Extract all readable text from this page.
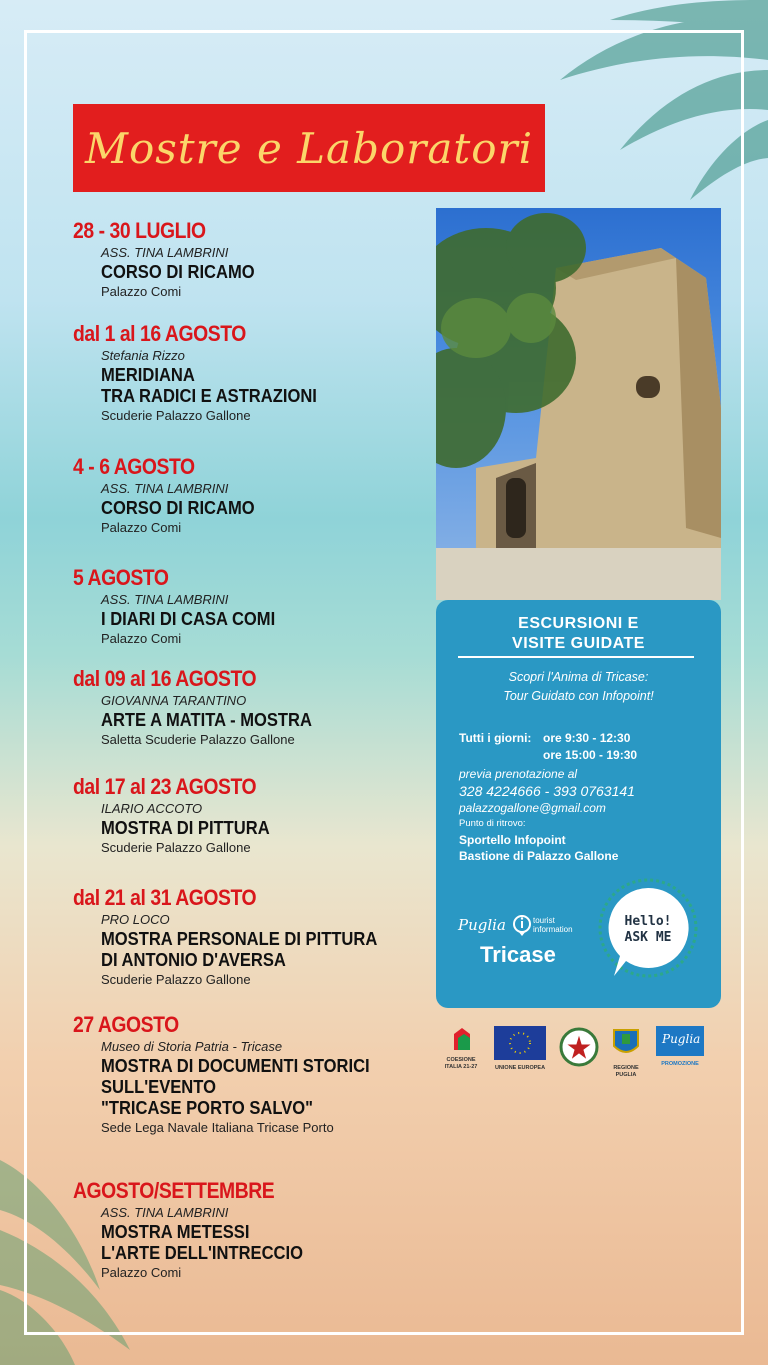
Mostre e Laboratori
28 - 30 LUGLIO
ASS. TINA LAMBRINI
CORSO DI RICAMO
Palazzo Comi
dal 1 al 16 AGOSTO
Stefania Rizzo
MERIDIANA
TRA RADICI E ASTRAZIONI
Scuderie Palazzo Gallone
4 - 6 AGOSTO
ASS. TINA LAMBRINI
CORSO DI RICAMO
Palazzo Comi
5 AGOSTO
ASS. TINA LAMBRINI
I DIARI DI CASA COMI
Palazzo Comi
dal 09 al 16 AGOSTO
GIOVANNA TARANTINO
ARTE A MATITA - MOSTRA
Saletta Scuderie Palazzo Gallone
dal 17 al 23 AGOSTO
ILARIO ACCOTO
MOSTRA DI PITTURA
Scuderie Palazzo Gallone
dal 21 al 31 AGOSTO
PRO LOCO
MOSTRA PERSONALE DI PITTURA
DI ANTONIO D'AVERSA
Scuderie Palazzo Gallone
27 AGOSTO
Museo di Storia Patria - Tricase
MOSTRA DI DOCUMENTI STORICI
SULL'EVENTO
"TRICASE PORTO SALVO"
Sede Lega Navale Italiana Tricase Porto
AGOSTO/SETTEMBRE
ASS. TINA LAMBRINI
MOSTRA METESSI
L'ARTE DELL'INTRECCIO
Palazzo Comi
ESCURSIONI E
VISITE GUIDATE
Scopri l'Anima di Tricase:
Tour Guidato con Infopoint!
Tutti i giorni: ore 9:30 - 12:30
ore 15:00 - 19:30
previa prenotazione al
328 4224666 - 393 0763141
palazzogallone@gmail.com
Punto di ritrovo:
Sportello Infopoint
Bastione di Palazzo Gallone
Puglia	tourist
information
Tricase
Hello!
ASK ME
COESIONE ITALIA 21-27	UNIONE EUROPEA	REGIONE PUGLIA
Puglia
PROMOZIONE
